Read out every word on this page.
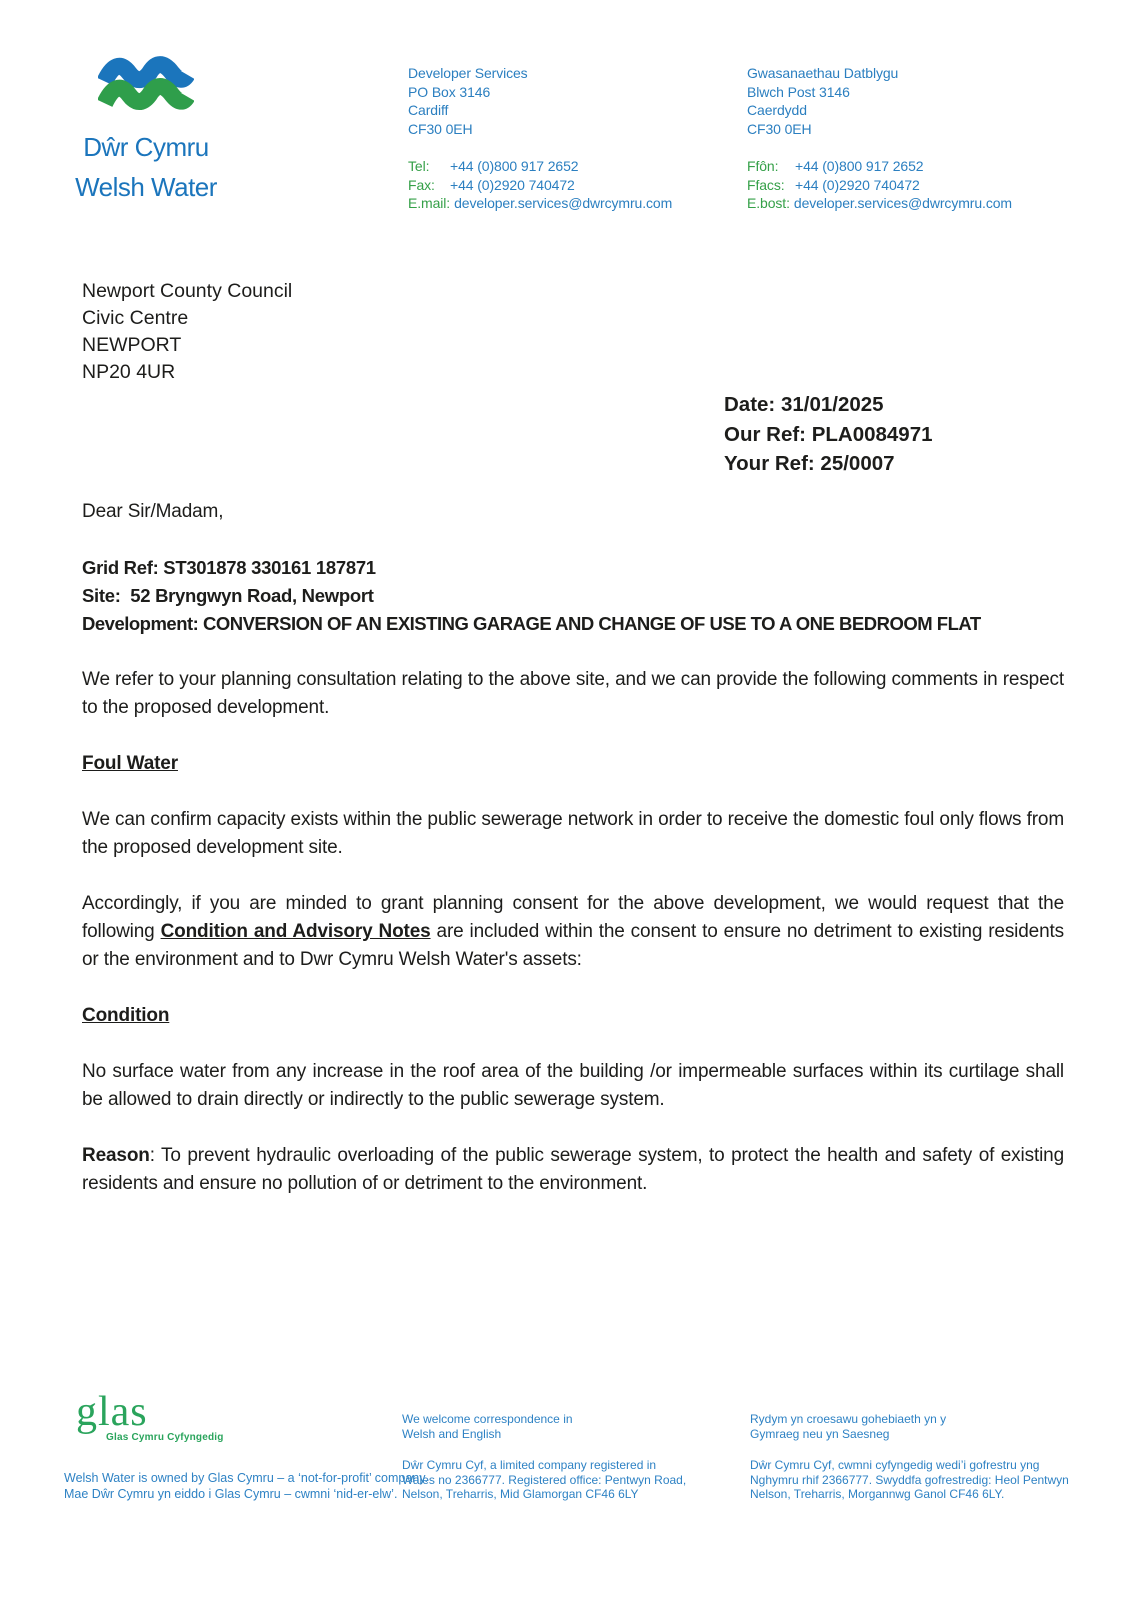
Dŵr Cymru
Welsh Water
Developer Services
PO Box 3146
Cardiff
CF30 0EH
Tel: +44 (0)800 917 2652
Fax: +44 (0)2920 740472
E.mail: developer.services@dwrcymru.com
Gwasanaethau Datblygu
Blwch Post 3146
Caerdydd
CF30 0EH
Ffôn: +44 (0)800 917 2652
Ffacs: +44 (0)2920 740472
E.bost: developer.services@dwrcymru.com
Newport County Council
Civic Centre
NEWPORT
NP20 4UR
Date: 31/01/2025
Our Ref: PLA0084971
Your Ref: 25/0007

Dear Sir/Madam,

Grid Ref: ST301878 330161 187871
Site:  52 Bryngwyn Road, Newport
Development: CONVERSION OF AN EXISTING GARAGE AND CHANGE OF USE TO A ONE BEDROOM FLAT

We refer to your planning consultation relating to the above site, and we can provide the following comments in respect to the proposed development.

Foul Water

We can confirm capacity exists within the public sewerage network in order to receive the domestic foul only flows from the proposed development site.

Accordingly, if you are minded to grant planning consent for the above development, we would request that the following Condition and Advisory Notes are included within the consent to ensure no detriment to existing residents or the environment and to Dwr Cymru Welsh Water's assets:

Condition

No surface water from any increase in the roof area of the building /or impermeable surfaces within its curtilage shall be allowed to drain directly or indirectly to the public sewerage system.

Reason: To prevent hydraulic overloading of the public sewerage system, to protect the health and safety of existing residents and ensure no pollution of or detriment to the environment.

glas
Glas Cymru Cyfyngedig
Welsh Water is owned by Glas Cymru – a ‘not-for-profit’ company.
Mae Dŵr Cymru yn eiddo i Glas Cymru – cwmni ‘nid-er-elw’.
We welcome correspondence in
Welsh and English
Dŵr Cymru Cyf, a limited company registered in
Wales no 2366777. Registered office: Pentwyn Road,
Nelson, Treharris, Mid Glamorgan CF46 6LY
Rydym yn croesawu gohebiaeth yn y
Gymraeg neu yn Saesneg
Dŵr Cymru Cyf, cwmni cyfyngedig wedi’i gofrestru yng
Nghymru rhif 2366777. Swyddfa gofrestredig: Heol Pentwyn
Nelson, Treharris, Morgannwg Ganol CF46 6LY.
